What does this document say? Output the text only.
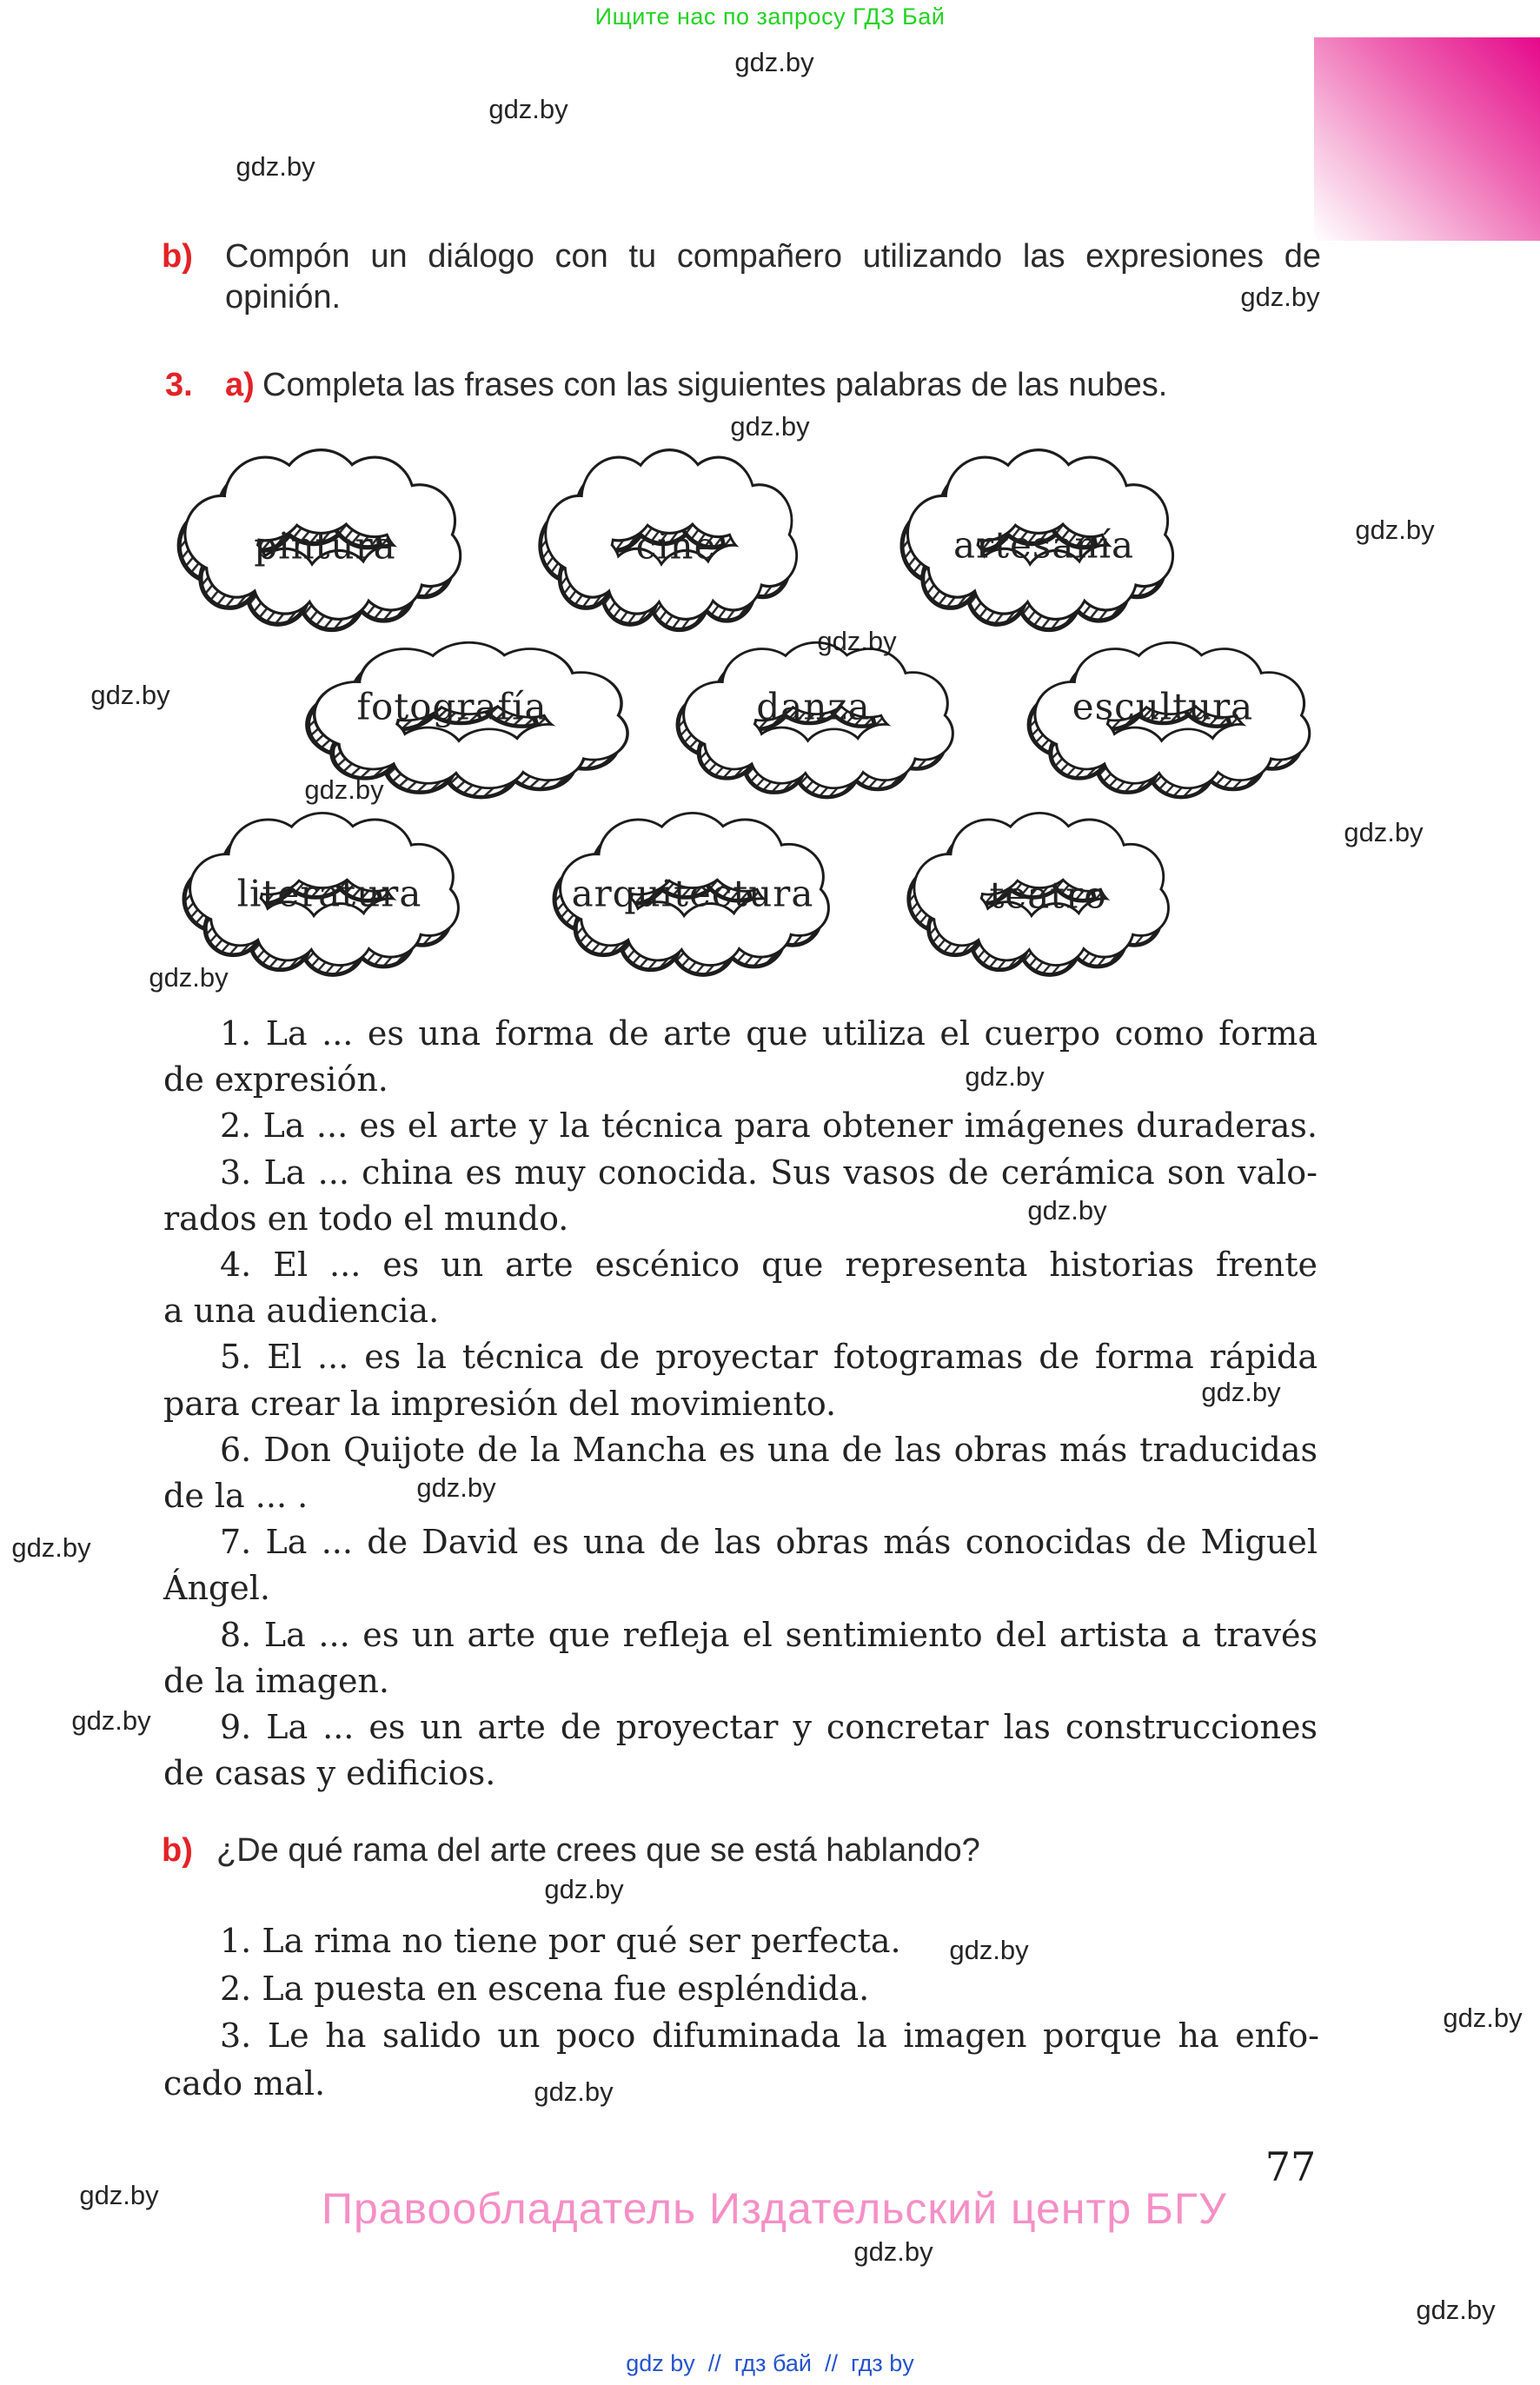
Ищите нас по запросу ГДЗ Бай
b) Compón un diálogo con tu compañero utilizando las expresiones de
opinión.
3. a) Completa las frases con las siguientes palabras de las nubes.
pintura	cine	artesanía
fotografía	danza	escultura
literatura	arquitectura	teatro
1. La ... es una forma de arte que utiliza el cuerpo como forma
de expresión.
2. La ... es el arte y la técnica para obtener imágenes duraderas.
3. La ... china es muy conocida. Sus vasos de cerámica son valo-
rados en todo el mundo.
4. El ... es un arte escénico que representa historias frente
a una audiencia.
5. El ... es la técnica de proyectar fotogramas de forma rápida
para crear la impresión del movimiento.
6. Don Quijote de la Mancha es una de las obras más traducidas
de la ... .
7. La ... de David es una de las obras más conocidas de Miguel
Ángel.
8. La ... es un arte que refleja el sentimiento del artista a través
de la imagen.
9. La ... es un arte de proyectar y concretar las construcciones
de casas y edificios.
b) ¿De qué rama del arte crees que se está hablando?
1. La rima no tiene por qué ser perfecta.
2. La puesta en escena fue espléndida.
3. Le ha salido un poco difuminada la imagen porque ha enfo-
cado mal.
77
Правообладатель Издательский центр БГУ
gdz by  //  гдз бай  //  гдз by
gdz.by
gdz.by
gdz.by
gdz.by
gdz.by
gdz.by
gdz.by
gdz.by
gdz.by
gdz.by
gdz.by
gdz.by
gdz.by
gdz.by
gdz.by
gdz.by
gdz.by
gdz.by
gdz.by
gdz.by
gdz.by
gdz.by
gdz.by
gdz.by
